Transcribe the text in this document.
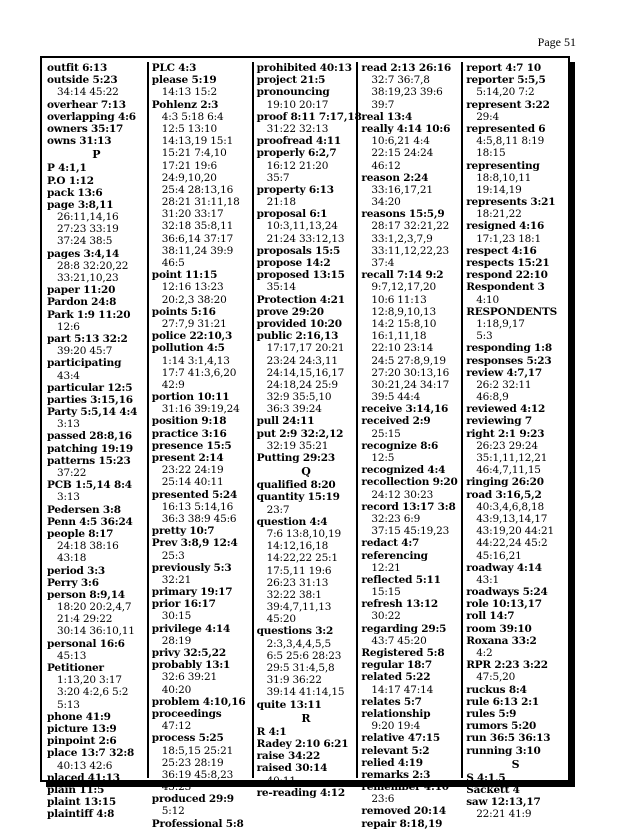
Page 51
outfit 6:13
outside 5:23
34:14 45:22
overhear 7:13
overlapping 4:6
owners 35:17
owns 31:13
P
P 4:1,1
P.O 1:12
pack 13:6
page 3:8,11
26:11,14,16
27:23 33:19
37:24 38:5
pages 3:4,14
28:8 32:20,22
33:21,10,23
paper 11:20
Pardon 24:8
Park 1:9 11:20
12:6
part 5:13 32:2
39:20 45:7
participating
43:4
particular 12:5
parties 3:15,16
Party 5:5,14 4:4
3:13
passed 28:8,16
patching 19:19
patterns 15:23
37:22
PCB 1:5,14 8:4
3:13
Pedersen 3:8
Penn 4:5 36:24
people 8:17
24:18 38:16
43:18
period 3:3
Perry 3:6
person 8:9,14
18:20 20:2,4,7
21:4 29:22
30:14 36:10,11
personal 16:6
45:13
Petitioner
1:13,20 3:17
3:20 4:2,6 5:2
5:13
phone 41:9
picture 13:9
pinpoint 2:6
place 13:7 32:8
40:13 42:6
placed 41:13
plain 11:5
plaint 13:15
plaintiff 4:8
PLC 4:3
please 5:19
14:13 15:2
Pohlenz 2:3
4:3 5:18 6:4
12:5 13:10
14:13,19 15:1
15:21 7:4,10
17:21 19:6
24:9,10,20
25:4 28:13,16
28:21 31:11,18
31:20 33:17
32:18 35:8,11
36:6,14 37:17
38:11,24 39:9
46:5
point 11:15
12:16 13:23
20:2,3 38:20
points 5:16
27:7,9 31:21
police 22:10,3
pollution 4:5
1:14 3:1,4,13
17:7 41:3,6,20
42:9
portion 10:11
31:16 39:19,24
position 9:18
practice 3:16
presence 15:5
present 2:14
23:22 24:19
25:14 40:11
presented 5:24
16:13 5:14,16
36:3 38:9 45:6
pretty 10:7
Prev 3:8,9 12:4
25:3
previously 5:3
32:21
primary 19:17
prior 16:17
30:15
privilege 4:14
28:19
privy 32:5,22
probably 13:1
32:6 39:21
40:20
problem 4:10,16
proceedings
47:12
process 5:25
18:5,15 25:21
25:23 28:19
36:19 45:8,23
45:23
produced 29:9
5:12
Professional 5:8
prohibited 40:13
project 21:5
pronouncing
19:10 20:17
proof 8:11 7:17,18
31:22 32:13
proofread 4:11
properly 6:2,7
16:12 21:20
35:7
property 6:13
21:18
proposal 6:1
10:3,11,13,24
21:24 33:12,13
proposals 15:5
propose 14:2
proposed 13:15
35:14
Protection 4:21
prove 29:20
provided 10:20
public 2:16,13
17:17,17 20:21
23:24 24:3,11
24:14,15,16,17
24:18,24 25:9
32:9 35:5,10
36:3 39:24
pull 24:11
put 2:9 32:2,12
32:19 35:21
Putting 29:23
Q
qualified 8:20
quantity 15:19
23:7
question 4:4
7:6 13:8,10,19
14:12,16,18
14:22,22 25:1
17:5,11 19:6
26:23 31:13
32:22 38:1
39:4,7,11,13
45:20
questions 3:2
2:3,3,4,4,5,5
6:5 25:6 28:23
29:5 31:4,5,8
31:9 36:22
39:14 41:14,15
quite 13:11
R
R 4:1
Radey 2:10 6:21
raise 34:22
raised 30:14
40:11
re-reading 4:12
read 2:13 26:16
32:7 36:7,8
38:19,23 39:6
39:7
real 13:4
really 4:14 10:6
10:6,21 4:4
22:15 24:24
46:12
reason 2:24
33:16,17,21
34:20
reasons 15:5,9
28:17 32:21,22
33:1,2,3,7,9
33:11,12,22,23
37:4
recall 7:14 9:2
9:7,12,17,20
10:6 11:13
12:8,9,10,13
14:2 15:8,10
16:1,11,18
22:10 23:14
24:5 27:8,9,19
27:20 30:13,16
30:21,24 34:17
39:5 44:4
receive 3:14,16
received 2:9
25:15
recognize 8:6
12:5
recognized 4:4
recollection 9:20
24:12 30:23
record 13:17 3:8
32:23 6:9
37:15 45:19,23
redact 4:7
referencing
12:21
reflected 5:11
15:15
refresh 13:12
30:22
regarding 29:5
43:7 45:20
Registered 5:8
regular 18:7
related 5:22
14:17 47:14
relates 5:7
relationship
9:20 19:4
relative 47:15
relevant 5:2
relied 4:19
remarks 2:3
remember 4:10
23:6
removed 20:14
repair 8:18,19
report 4:7 10
reporter 5:5,5
5:14,20 7:2
represent 3:22
29:4
represented 6
4:5,8,11 8:19
18:15
representing
18:8,10,11
19:14,19
represents 3:21
18:21,22
resigned 4:16
17:1,23 18:1
respect 4:16
respects 15:21
respond 22:10
Respondent 3
4:10
RESPONDENTS
1:18,9,17
5:3
responding 1:8
responses 5:23
review 4:7,17
26:2 32:11
46:8,9
reviewed 4:12
reviewing 7
right 2:1 9:23
26:23 29:24
35:1,11,12,21
46:4,7,11,15
ringing 26:20
road 3:16,5,2
40:3,4,6,8,18
43:9,13,14,17
43:19,20 44:21
44:22,24 45:2
45:16,21
roadway 4:14
43:1
roadways 5:24
role 10:13,17
roll 14:7
room 39:10
Roxana 33:2
4:2
RPR 2:23 3:22
47:5,20
ruckus 8:4
rule 6:13 2:1
rules 5:9
rumors 5:20
run 36:5 36:13
running 3:10
S
S 4:1,5
Sackett 4
saw 12:13,17
22:21 41:9
